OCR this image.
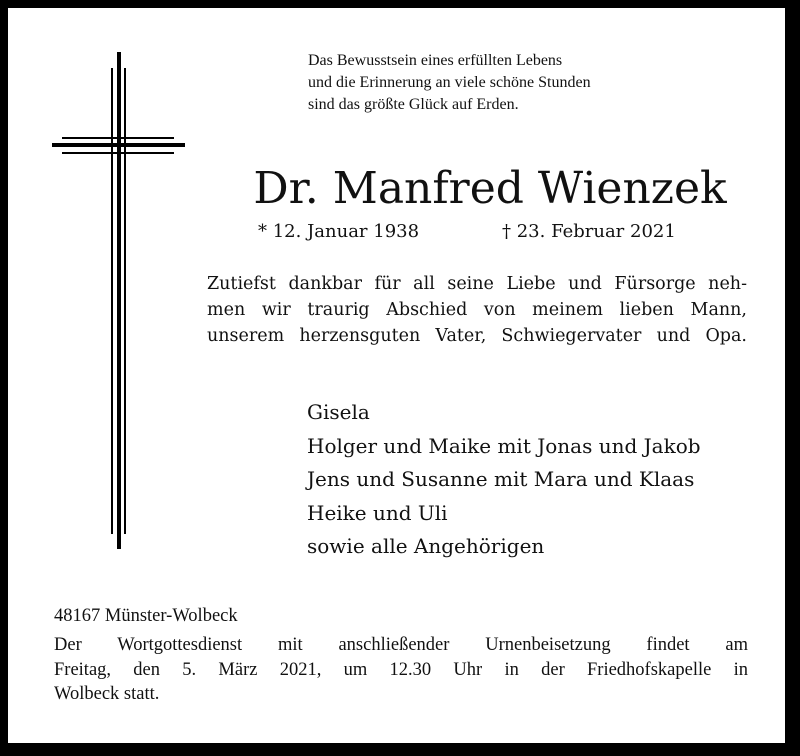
Das Bewusstsein eines erfüllten Lebens
und die Erinnerung an viele schöne Stunden
sind das größte Glück auf Erden.
Dr. Manfred Wienzek
* 12. Januar 1938	† 23. Februar 2021
Zutiefst dankbar für all seine Liebe und Fürsorge neh-
men wir traurig Abschied von meinem lieben Mann,
unserem herzensguten Vater, Schwiegervater und Opa.
Gisela
Holger und Maike mit Jonas und Jakob
Jens und Susanne mit Mara und Klaas
Heike und Uli
sowie alle Angehörigen
48167 Münster-Wolbeck
Der Wortgottesdienst mit anschließender Urnenbeisetzung findet am
Freitag, den 5. März 2021, um 12.30 Uhr in der Friedhofskapelle in
Wolbeck statt.
